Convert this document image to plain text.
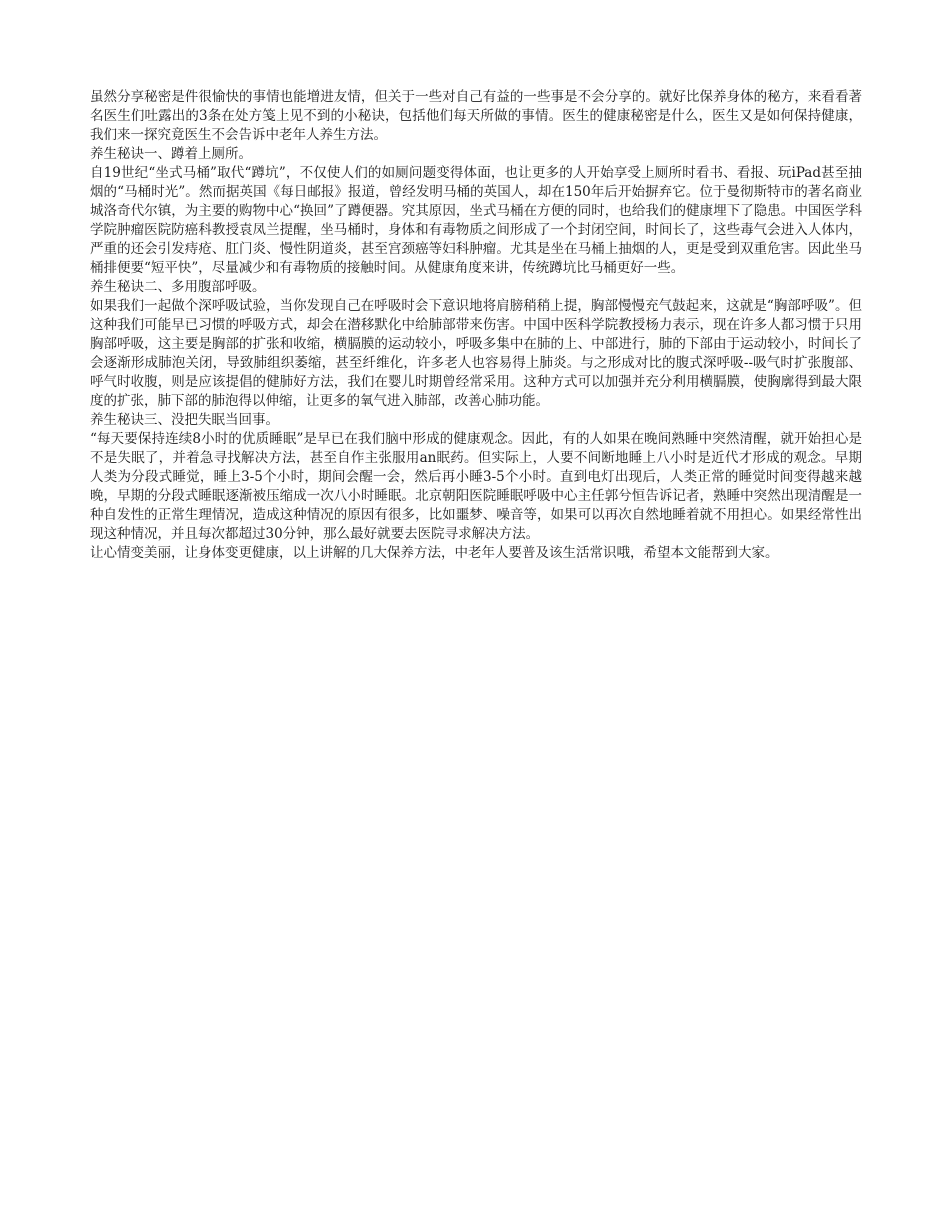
虽然分享秘密是件很愉快的事情也能增进友情，但关于一些对自己有益的一些事是不会分享的。就好比保养身体的秘方，来看看著名医生们吐露出的3条在处方笺上见不到的小秘诀，包括他们每天所做的事情。医生的健康秘密是什么，医生又是如何保持健康，我们来一探究竟医生不会告诉中老年人养生方法。

养生秘诀一、蹲着上厕所。

自19世纪“坐式马桶”取代“蹲坑”，不仅使人们的如厕问题变得体面，也让更多的人开始享受上厕所时看书、看报、玩iPad甚至抽烟的“马桶时光”。然而据英国《每日邮报》报道，曾经发明马桶的英国人，却在150年后开始摒弃它。位于曼彻斯特市的著名商业城洛奇代尔镇，为主要的购物中心“换回”了蹲便器。究其原因，坐式马桶在方便的同时，也给我们的健康埋下了隐患。中国医学科学院肿瘤医院防癌科教授袁凤兰提醒，坐马桶时，身体和有毒物质之间形成了一个封闭空间，时间长了，这些毒气会进入人体内，严重的还会引发痔疮、肛门炎、慢性阴道炎，甚至宫颈癌等妇科肿瘤。尤其是坐在马桶上抽烟的人，更是受到双重危害。因此坐马桶排便要“短平快”，尽量减少和有毒物质的接触时间。从健康角度来讲，传统蹲坑比马桶更好一些。

养生秘诀二、多用腹部呼吸。

如果我们一起做个深呼吸试验，当你发现自己在呼吸时会下意识地将肩膀稍稍上提，胸部慢慢充气鼓起来，这就是“胸部呼吸”。但这种我们可能早已习惯的呼吸方式，却会在潜移默化中给肺部带来伤害。中国中医科学院教授杨力表示，现在许多人都习惯于只用胸部呼吸，这主要是胸部的扩张和收缩，横膈膜的运动较小，呼吸多集中在肺的上、中部进行，肺的下部由于运动较小，时间长了会逐渐形成肺泡关闭，导致肺组织萎缩，甚至纤维化，许多老人也容易得上肺炎。与之形成对比的腹式深呼吸--吸气时扩张腹部、呼气时收腹，则是应该提倡的健肺好方法，我们在婴儿时期曾经常采用。这种方式可以加强并充分利用横膈膜，使胸廓得到最大限度的扩张，肺下部的肺泡得以伸缩，让更多的氧气进入肺部，改善心肺功能。

养生秘诀三、没把失眠当回事。

“每天要保持连续8小时的优质睡眠”是早已在我们脑中形成的健康观念。因此，有的人如果在晚间熟睡中突然清醒，就开始担心是不是失眠了，并着急寻找解决方法，甚至自作主张服用an眠药。但实际上，人要不间断地睡上八小时是近代才形成的观念。早期人类为分段式睡觉，睡上3-5个小时，期间会醒一会，然后再小睡3-5个小时。直到电灯出现后，人类正常的睡觉时间变得越来越晚，早期的分段式睡眠逐渐被压缩成一次八小时睡眠。北京朝阳医院睡眠呼吸中心主任郭兮恒告诉记者，熟睡中突然出现清醒是一种自发性的正常生理情况，造成这种情况的原因有很多，比如噩梦、噪音等，如果可以再次自然地睡着就不用担心。如果经常性出现这种情况，并且每次都超过30分钟，那么最好就要去医院寻求解决方法。

让心情变美丽，让身体变更健康，以上讲解的几大保养方法，中老年人要普及该生活常识哦，希望本文能帮到大家。
